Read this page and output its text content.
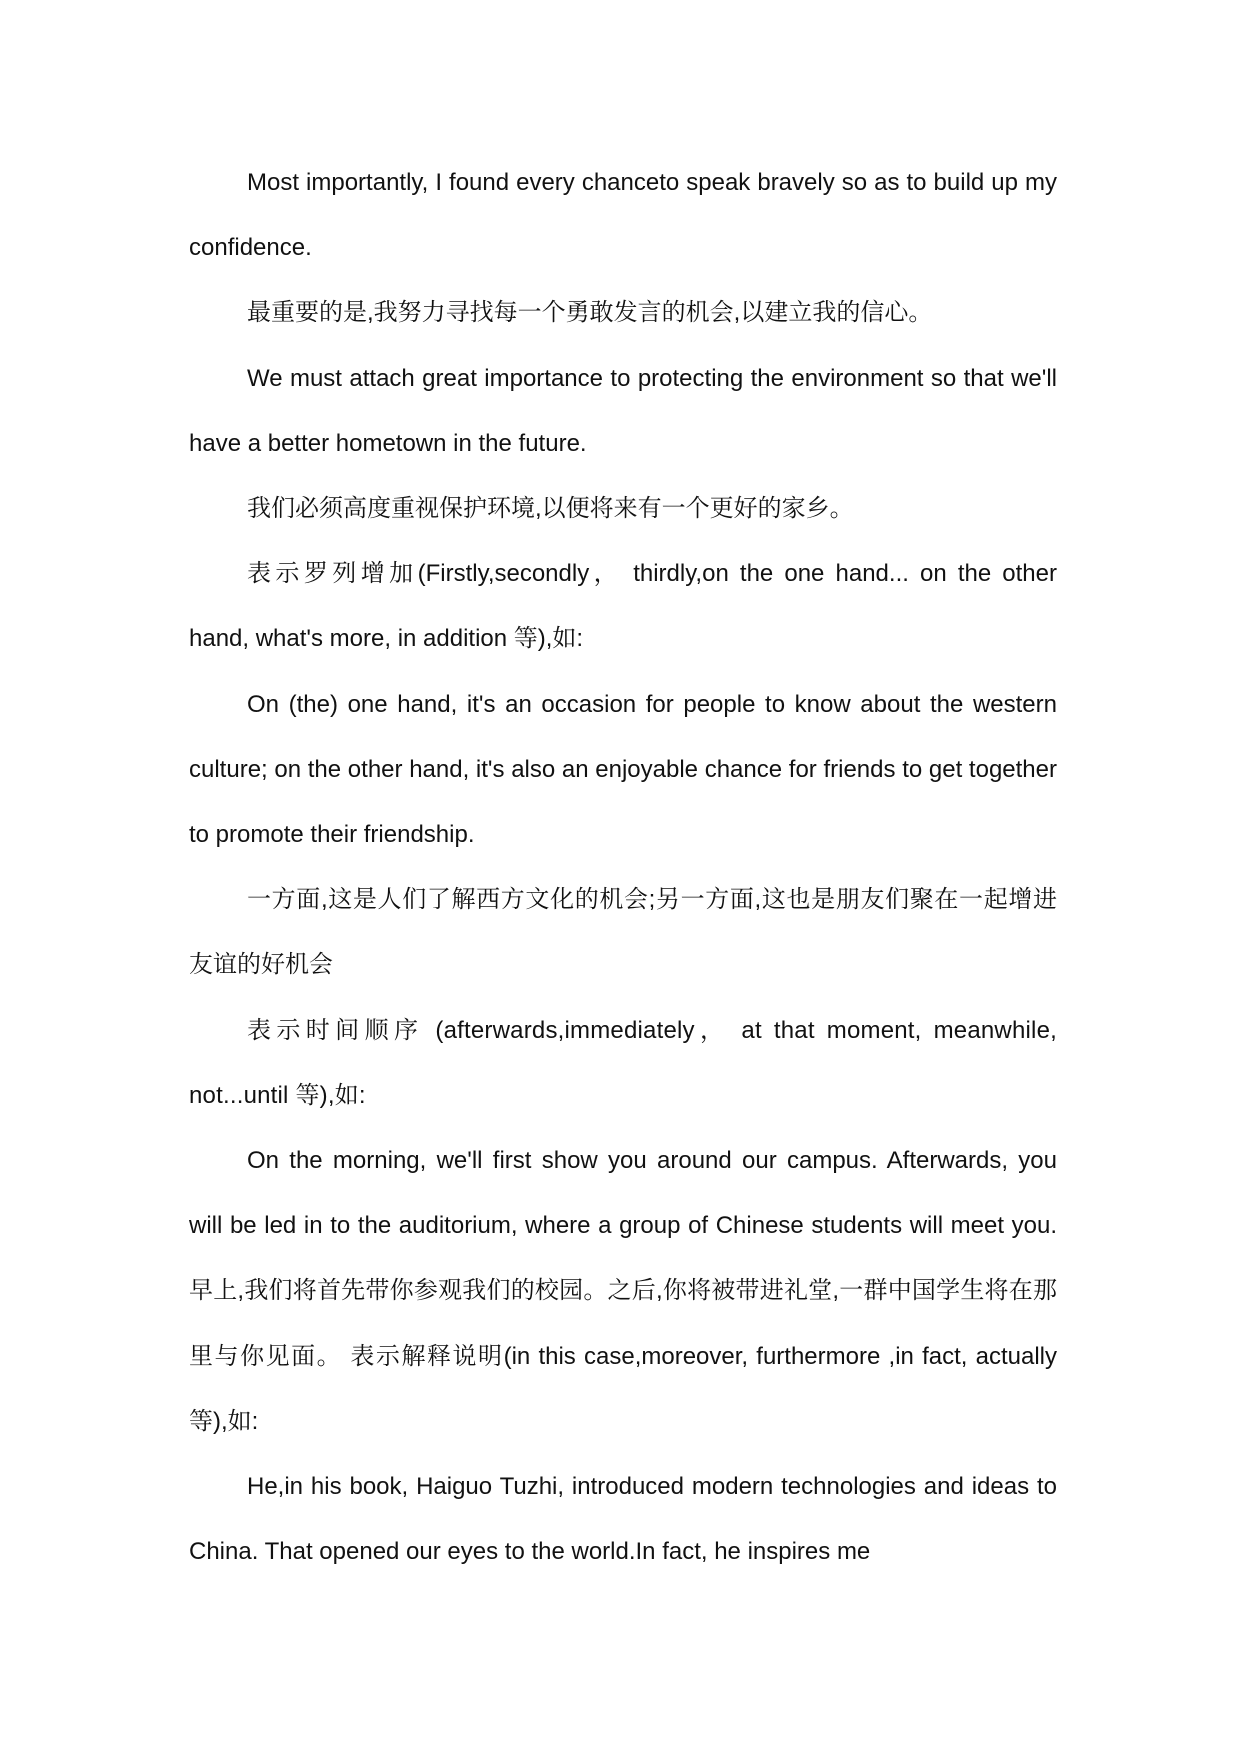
Most importantly, I found every chanceto speak bravely so as to build up my confidence.

最重要的是,我努力寻找每一个勇敢发言的机会,以建立我的信心。

We must attach great importance to protecting the environment so that we'll have a better hometown in the future.

我们必须高度重视保护环境,以便将来有一个更好的家乡。

表示罗列增加(Firstly,secondly， thirdly,on the one hand... on the other hand, what's more, in addition 等),如:

On (the) one hand, it's an occasion for people to know about the western culture; on the other hand, it's also an enjoyable chance for friends to get together to promote their friendship.

一方面,这是人们了解西方文化的机会;另一方面,这也是朋友们聚在一起增进友谊的好机会

表示时间顺序 (afterwards,immediately， at that moment, meanwhile, not...until 等),如:

On the morning, we'll first show you around our campus. Afterwards, you will be led in to the auditorium, where a group of Chinese students will meet you.早上,我们将首先带你参观我们的校园。之后,你将被带进礼堂,一群中国学生将在那里与你见面。 表示解释说明(in this case,moreover, furthermore ,in fact, actually 等),如:

He,in his book, Haiguo Tuzhi, introduced modern technologies and ideas to China. That opened our eyes to the world.In fact, he inspires me
